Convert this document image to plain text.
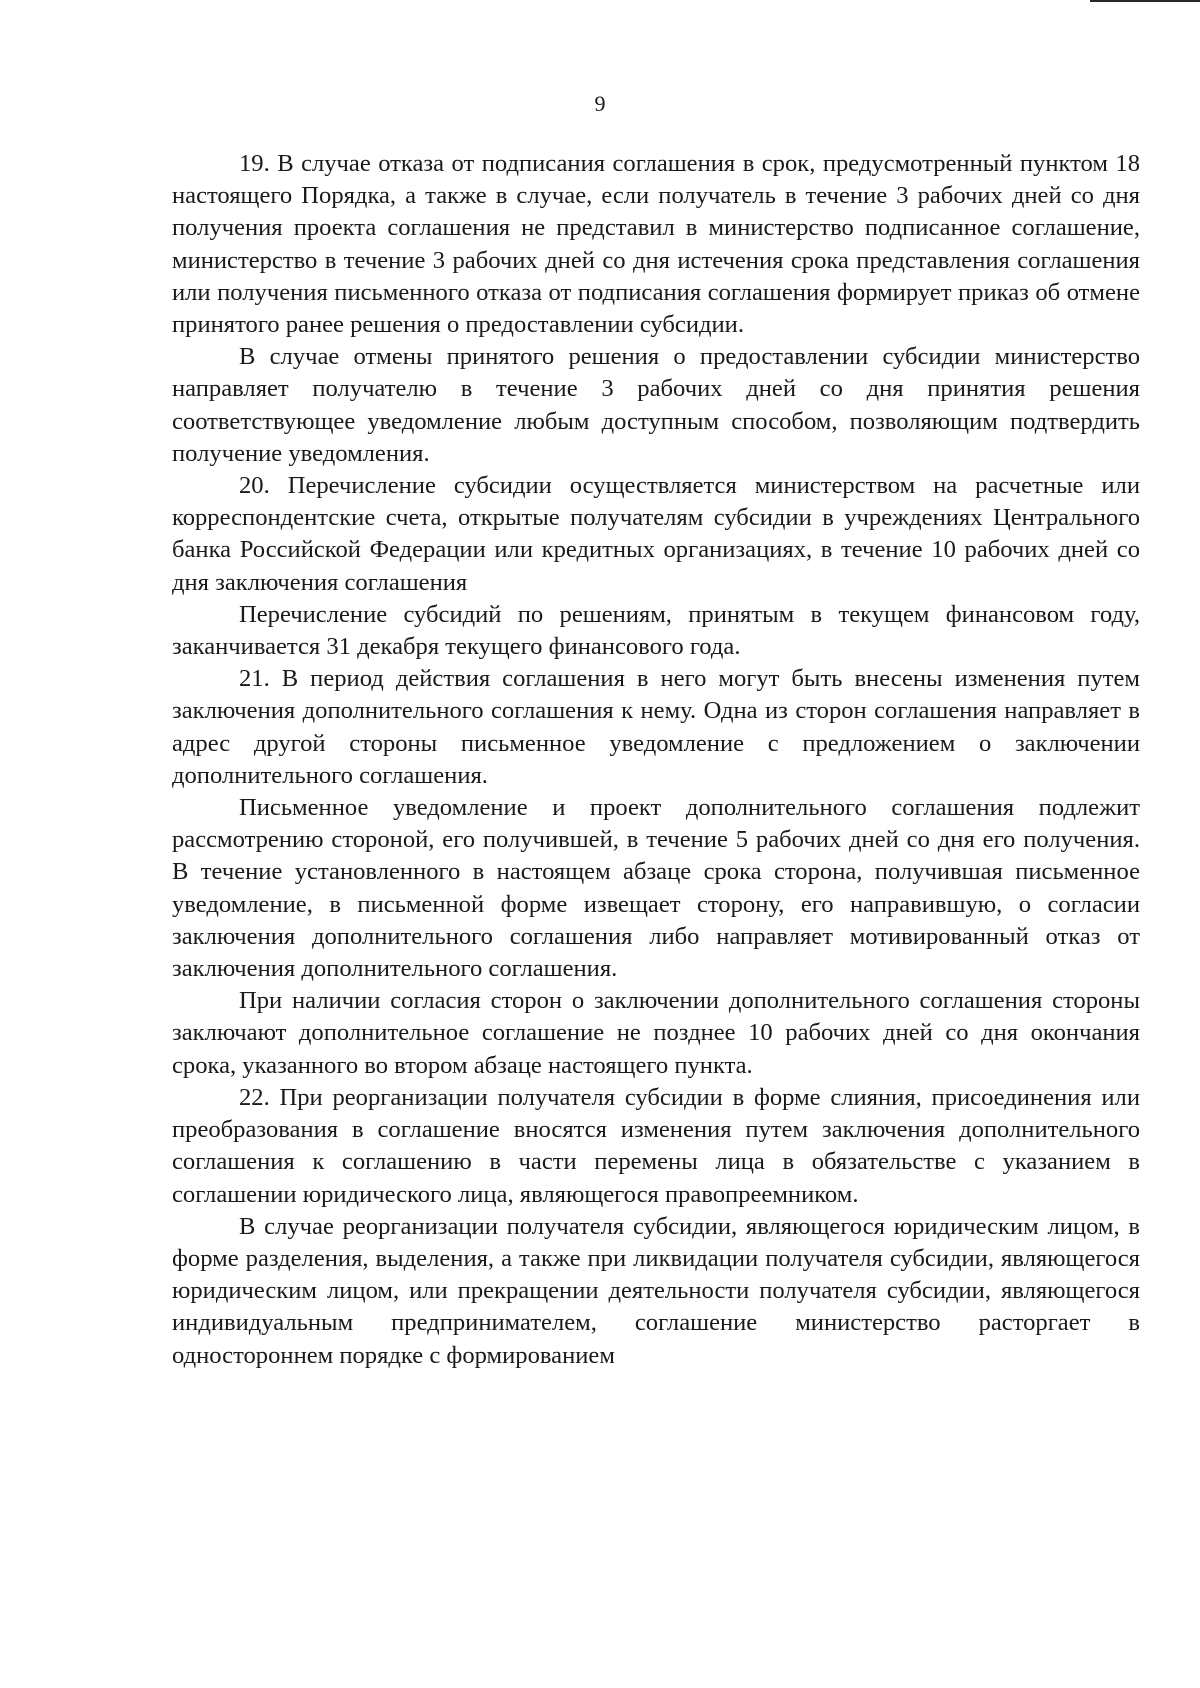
9

19. В случае отказа от подписания соглашения в срок, предусмотренный пунктом 18 настоящего Порядка, а также в случае, если получатель в течение 3 рабочих дней со дня получения проекта соглашения не представил в министерство подписанное соглашение, министерство в течение 3 рабочих дней со дня истечения срока представления соглашения или получения письменного отказа от подписания соглашения формирует приказ об отмене принятого ранее решения о предоставлении субсидии.

В случае отмены принятого решения о предоставлении субсидии министерство направляет получателю в течение 3 рабочих дней со дня принятия решения соответствующее уведомление любым доступным способом, позволяющим подтвердить получение уведомления.

20. Перечисление субсидии осуществляется министерством на расчетные или корреспондентские счета, открытые получателям субсидии в учреждениях Центрального банка Российской Федерации или кредитных организациях, в течение 10 рабочих дней со дня заключения соглашения

Перечисление субсидий по решениям, принятым в текущем финансовом году, заканчивается 31 декабря текущего финансового года.

21. В период действия соглашения в него могут быть внесены изменения путем заключения дополнительного соглашения к нему. Одна из сторон соглашения направляет в адрес другой стороны письменное уведомление с предложением о заключении дополнительного соглашения.

Письменное уведомление и проект дополнительного соглашения подлежит рассмотрению стороной, его получившей, в течение 5 рабочих дней со дня его получения. В течение установленного в настоящем абзаце срока сторона, получившая письменное уведомление, в письменной форме извещает сторону, его направившую, о согласии заключения дополнительного соглашения либо направляет мотивированный отказ от заключения дополнительного соглашения.

При наличии согласия сторон о заключении дополнительного соглашения стороны заключают дополнительное соглашение не позднее 10 рабочих дней со дня окончания срока, указанного во втором абзаце настоящего пункта.

22. При реорганизации получателя субсидии в форме слияния, присоединения или преобразования в соглашение вносятся изменения путем заключения дополнительного соглашения к соглашению в части перемены лица в обязательстве с указанием в соглашении юридического лица, являющегося правопреемником.

В случае реорганизации получателя субсидии, являющегося юридическим лицом, в форме разделения, выделения, а также при ликвидации получателя субсидии, являющегося юридическим лицом, или прекращении деятельности получателя субсидии, являющегося индивидуальным предпринимателем, соглашение министерство расторгает в одностороннем порядке с формированием
